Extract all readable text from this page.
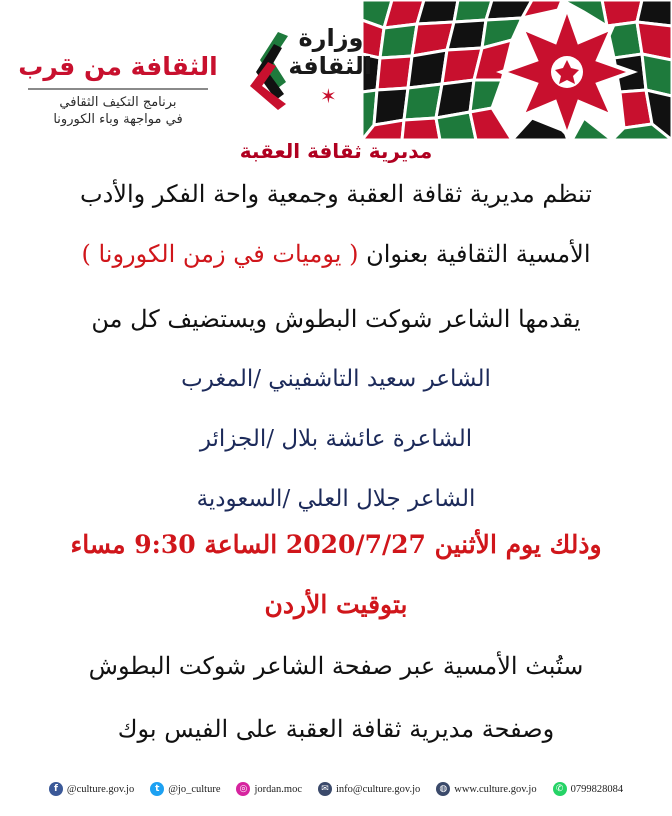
وزارة الثقافة
✶
الثقافة من قرب
برنامج التكيف الثقافي
في مواجهة وباء الكورونا
مديرية ثقافة العقبة
تنظم مديرية ثقافة العقبة وجمعية واحة الفكر والأدب
الأمسية الثقافية بعنوان ( يوميات في زمن الكورونا )
يقدمها الشاعر شوكت البطوش ويستضيف كل من
الشاعر سعيد التاشفيني /المغرب
الشاعرة عائشة بلال /الجزائر
الشاعر جلال العلي /السعودية
وذلك يوم الأثنين 2020/7/27 الساعة 9:30 مساء
بتوقيت الأردن
ستُبث الأمسية عبر صفحة الشاعر شوكت البطوش
وصفحة مديرية ثقافة العقبة على الفيس بوك
✆ 0799828084
◍ www.culture.gov.jo
✉ info@culture.gov.jo
◎ jordan.moc
t @jo_culture
f @culture.gov.jo
